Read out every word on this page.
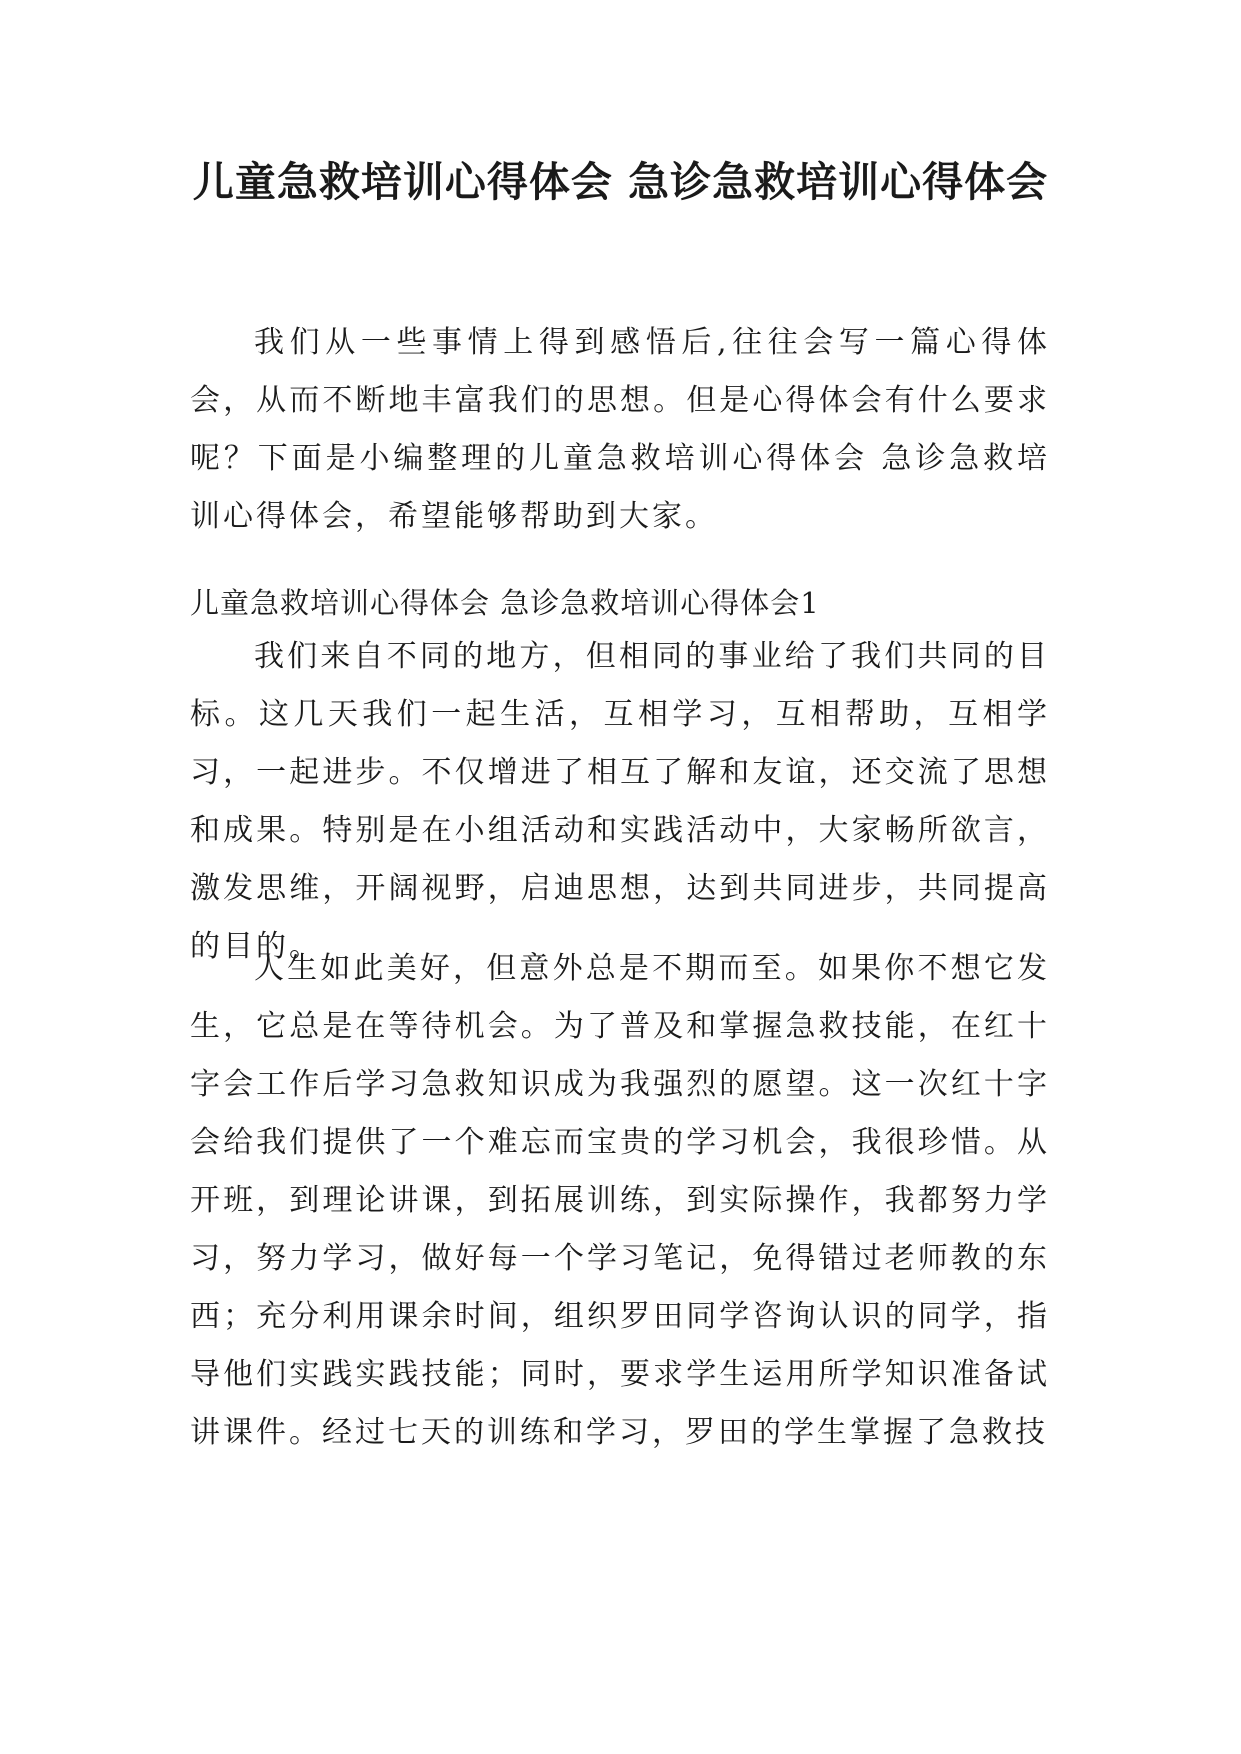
儿童急救培训心得体会 急诊急救培训心得体会

我们从一些事情上得到感悟后,往往会写一篇心得体会，从而不断地丰富我们的思想。但是心得体会有什么要求呢？下面是小编整理的儿童急救培训心得体会 急诊急救培训心得体会，希望能够帮助到大家。

儿童急救培训心得体会 急诊急救培训心得体会1

我们来自不同的地方，但相同的事业给了我们共同的目标。这几天我们一起生活，互相学习，互相帮助，互相学习，一起进步。不仅增进了相互了解和友谊，还交流了思想和成果。特别是在小组活动和实践活动中，大家畅所欲言，激发思维，开阔视野，启迪思想，达到共同进步，共同提高的目的。

人生如此美好，但意外总是不期而至。如果你不想它发生，它总是在等待机会。为了普及和掌握急救技能，在红十字会工作后学习急救知识成为我强烈的愿望。这一次红十字会给我们提供了一个难忘而宝贵的学习机会，我很珍惜。从开班，到理论讲课，到拓展训练，到实际操作，我都努力学习，努力学习，做好每一个学习笔记，免得错过老师教的东西；充分利用课余时间，组织罗田同学咨询认识的同学，指导他们实践实践技能；同时，要求学生运用所学知识准备试讲课件。经过七天的训练和学习，罗田的学生掌握了急救技
